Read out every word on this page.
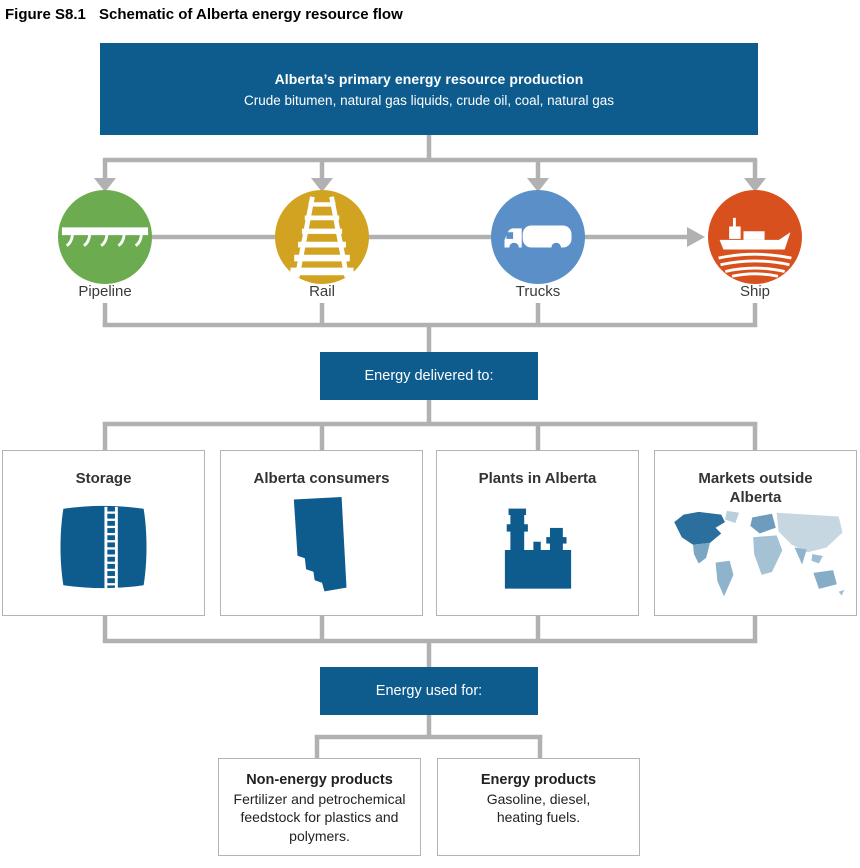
Figure S8.1 Schematic of Alberta energy resource flow
Alberta’s primary energy resource production
Crude bitumen, natural gas liquids, crude oil, coal, natural gas
Pipeline	Rail	Trucks	Ship
Energy delivered to:
Storage	Alberta consumers	Plants in Alberta	Markets outside Alberta
Energy used for:
Non-energy products
Fertilizer and petrochemical feedstock for plastics and polymers.
Energy products
Gasoline, diesel, heating fuels.
